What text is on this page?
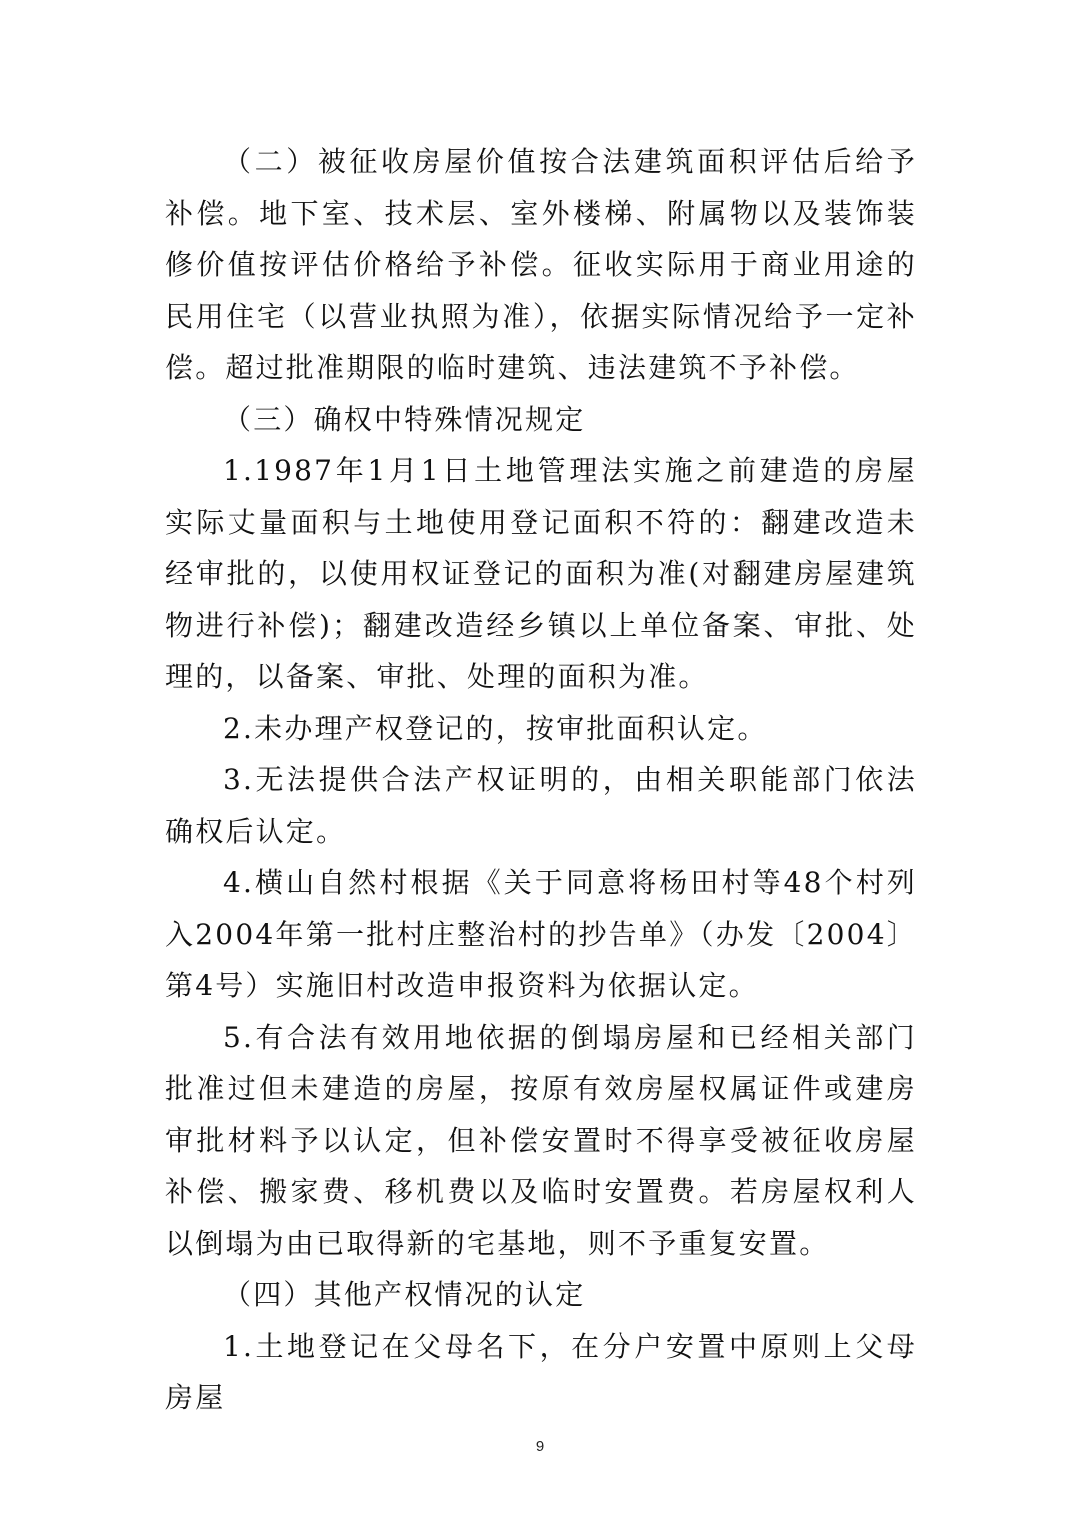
（二）被征收房屋价值按合法建筑面积评估后给予补偿。地下室、技术层、室外楼梯、附属物以及装饰装修价值按评估价格给予补偿。征收实际用于商业用途的民用住宅（以营业执照为准），依据实际情况给予一定补偿。超过批准期限的临时建筑、违法建筑不予补偿。

（三）确权中特殊情况规定

1.1987年1月1日土地管理法实施之前建造的房屋实际丈量面积与土地使用登记面积不符的：翻建改造未经审批的，以使用权证登记的面积为准(对翻建房屋建筑物进行补偿)；翻建改造经乡镇以上单位备案、审批、处理的，以备案、审批、处理的面积为准。

2.未办理产权登记的，按审批面积认定。

3.无法提供合法产权证明的，由相关职能部门依法确权后认定。

4.横山自然村根据《关于同意将杨田村等48个村列入2004年第一批村庄整治村的抄告单》（办发〔2004〕第4号）实施旧村改造申报资料为依据认定。

5.有合法有效用地依据的倒塌房屋和已经相关部门批准过但未建造的房屋，按原有效房屋权属证件或建房审批材料予以认定，但补偿安置时不得享受被征收房屋补偿、搬家费、移机费以及临时安置费。若房屋权利人以倒塌为由已取得新的宅基地，则不予重复安置。

（四）其他产权情况的认定

1.土地登记在父母名下，在分户安置中原则上父母房屋

9
